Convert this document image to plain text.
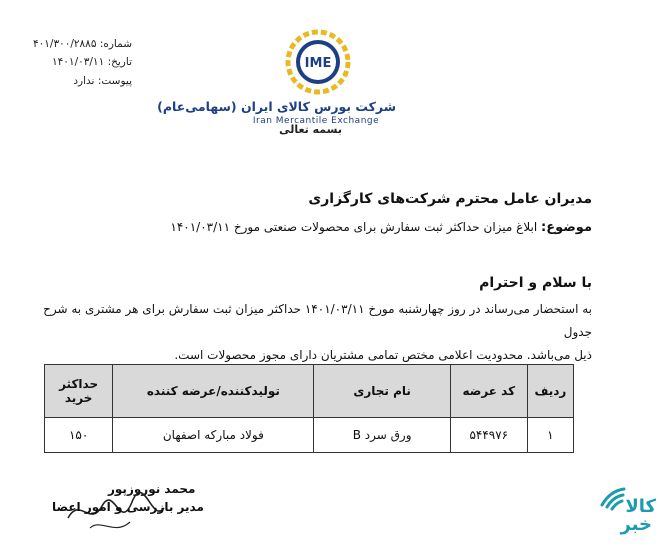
شماره: ۴۰۱/۳۰۰/۲۸۸۵
تاریخ: ۱۴۰۱/۰۳/۱۱
پیوست: ندارد
IME
شرکت بورس کالای ایران (سهامی‌عام)
Iran Mercantile Exchange
بسمه تعالی
مدیران عامل محترم شرکت‌های کارگزاری
موضوع: ابلاغ میزان حداکثر ثبت سفارش برای محصولات صنعتی مورخ ۱۴۰۱/۰۳/۱۱
با سلام و احترام
به استحضار می‌رساند در روز چهارشنبه مورخ ۱۴۰۱/۰۳/۱۱ حداکثر میزان ثبت سفارش برای هر مشتری به شرح جدول
ذیل می‌باشد. محدودیت اعلامی مختص تمامی مشتریان دارای مجوز محصولات است.
ردیف	کد عرضه	نام تجاری	تولیدکننده/عرضه کننده	حداکثر خرید
۱	۵۴۴۹۷۶	ورق سرد B	فولاد مبارکه اصفهان	۱۵۰
محمد نوروزپور
مدیر بازرسی و امور اعضا	کالا
خبر
